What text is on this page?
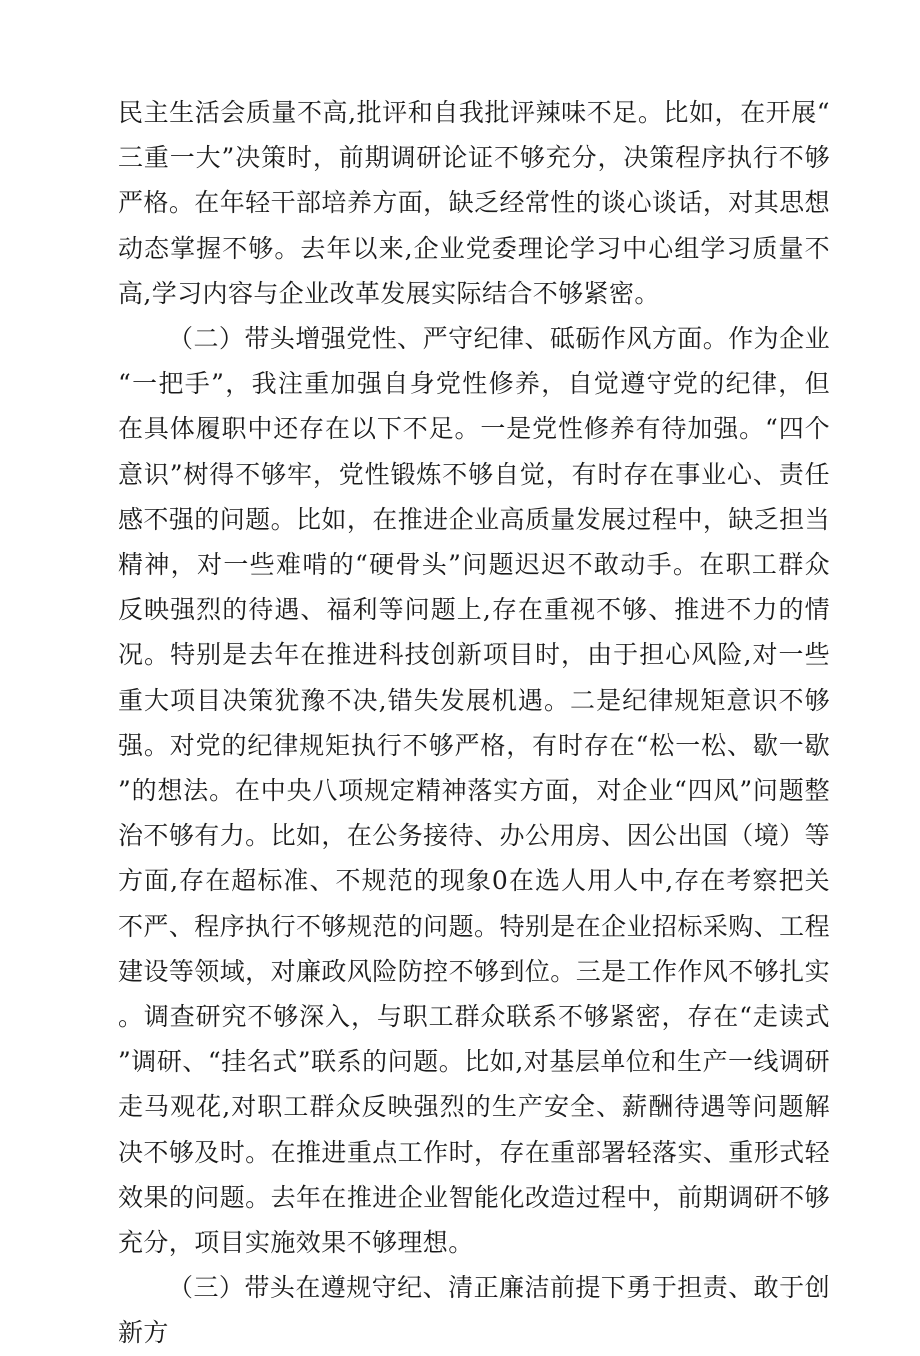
民主生活会质量不高,批评和自我批评辣味不足。比如，在开展“三重一大”决策时，前期调研论证不够充分，决策程序执行不够严格。在年轻干部培养方面，缺乏经常性的谈心谈话，对其思想动态掌握不够。去年以来,企业党委理论学习中心组学习质量不高,学习内容与企业改革发展实际结合不够紧密。

（二）带头增强党性、严守纪律、砥砺作风方面。作为企业“一把手”，我注重加强自身党性修养，自觉遵守党的纪律，但在具体履职中还存在以下不足。一是党性修养有待加强。“四个意识”树得不够牢，党性锻炼不够自觉，有时存在事业心、责任感不强的问题。比如，在推进企业高质量发展过程中，缺乏担当精神，对一些难啃的“硬骨头”问题迟迟不敢动手。在职工群众反映强烈的待遇、福利等问题上,存在重视不够、推进不力的情况。特别是去年在推进科技创新项目时，由于担心风险,对一些重大项目决策犹豫不决,错失发展机遇。二是纪律规矩意识不够强。对党的纪律规矩执行不够严格，有时存在“松一松、歇一歇”的想法。在中央八项规定精神落实方面，对企业“四风”问题整治不够有力。比如，在公务接待、办公用房、因公出国（境）等方面,存在超标准、不规范的现象0在选人用人中,存在考察把关不严、程序执行不够规范的问题。特别是在企业招标采购、工程建设等领域，对廉政风险防控不够到位。三是工作作风不够扎实。调查研究不够深入，与职工群众联系不够紧密，存在“走读式”调研、“挂名式”联系的问题。比如,对基层单位和生产一线调研走马观花,对职工群众反映强烈的生产安全、薪酬待遇等问题解决不够及时。在推进重点工作时，存在重部署轻落实、重形式轻效果的问题。去年在推进企业智能化改造过程中，前期调研不够充分，项目实施效果不够理想。

（三）带头在遵规守纪、清正廉洁前提下勇于担责、敢于创新方
